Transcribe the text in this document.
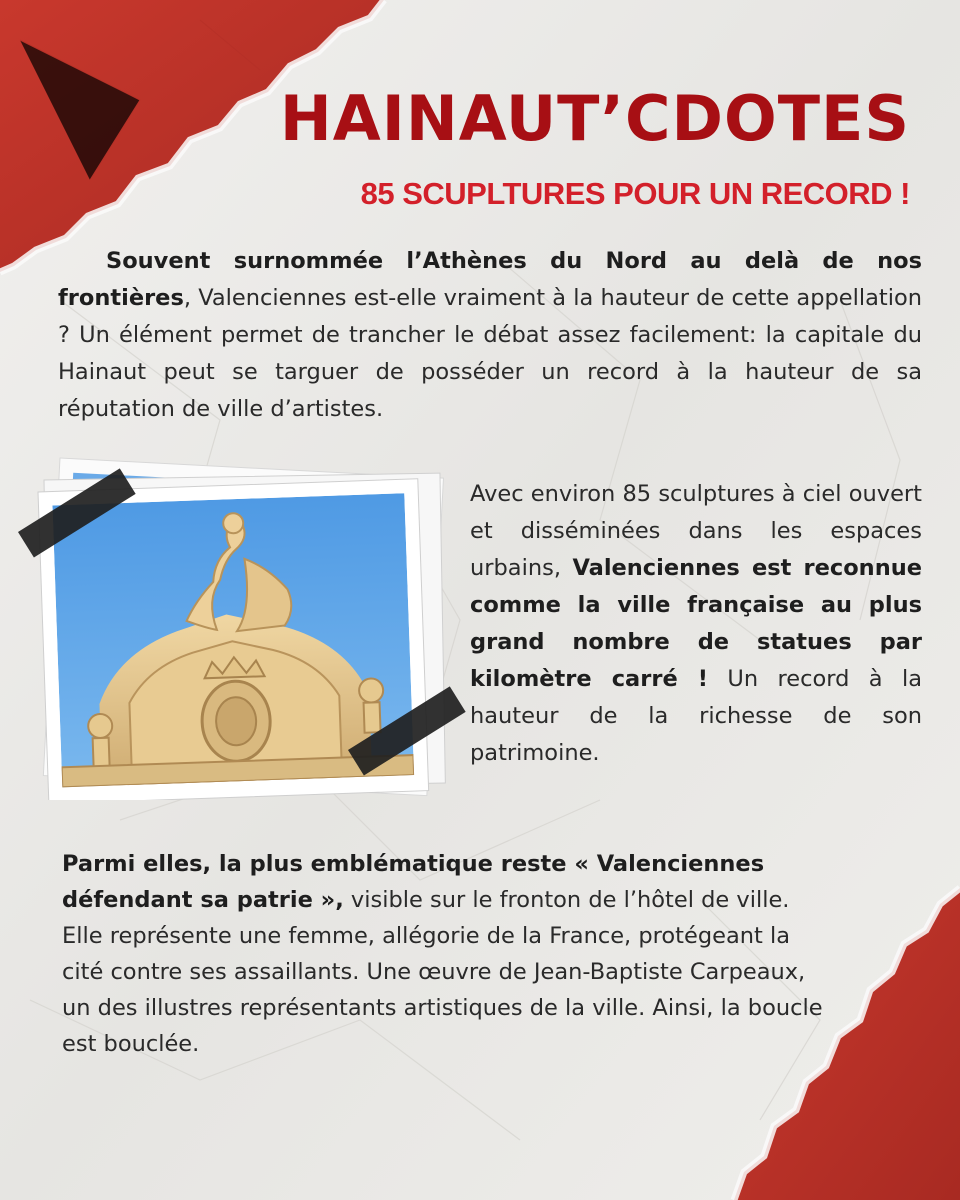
HAINAUT’CDOTES
85 SCUPLTURES POUR UN RECORD !

Souvent surnommée l’Athènes du Nord au delà de nos frontières, Valenciennes est-elle vraiment à la hauteur de cette appellation ? Un élément permet de trancher le débat assez facilement: la capitale du Hainaut peut se targuer de posséder un record à la hauteur de sa réputation de ville d’artistes.

Avec environ 85 sculptures à ciel ouvert et disséminées dans les espaces urbains, Valenciennes est reconnue comme la ville française au plus grand nombre de statues par kilomètre carré ! Un record à la hauteur de la richesse de son patrimoine.

Parmi elles, la plus emblématique reste « Valenciennes défendant sa patrie », visible sur le fronton de l’hôtel de ville. Elle représente une femme, allégorie de la France, protégeant la cité contre ses assaillants. Une œuvre de Jean-Baptiste Carpeaux, un des illustres représentants artistiques de la ville. Ainsi, la boucle est bouclée.
